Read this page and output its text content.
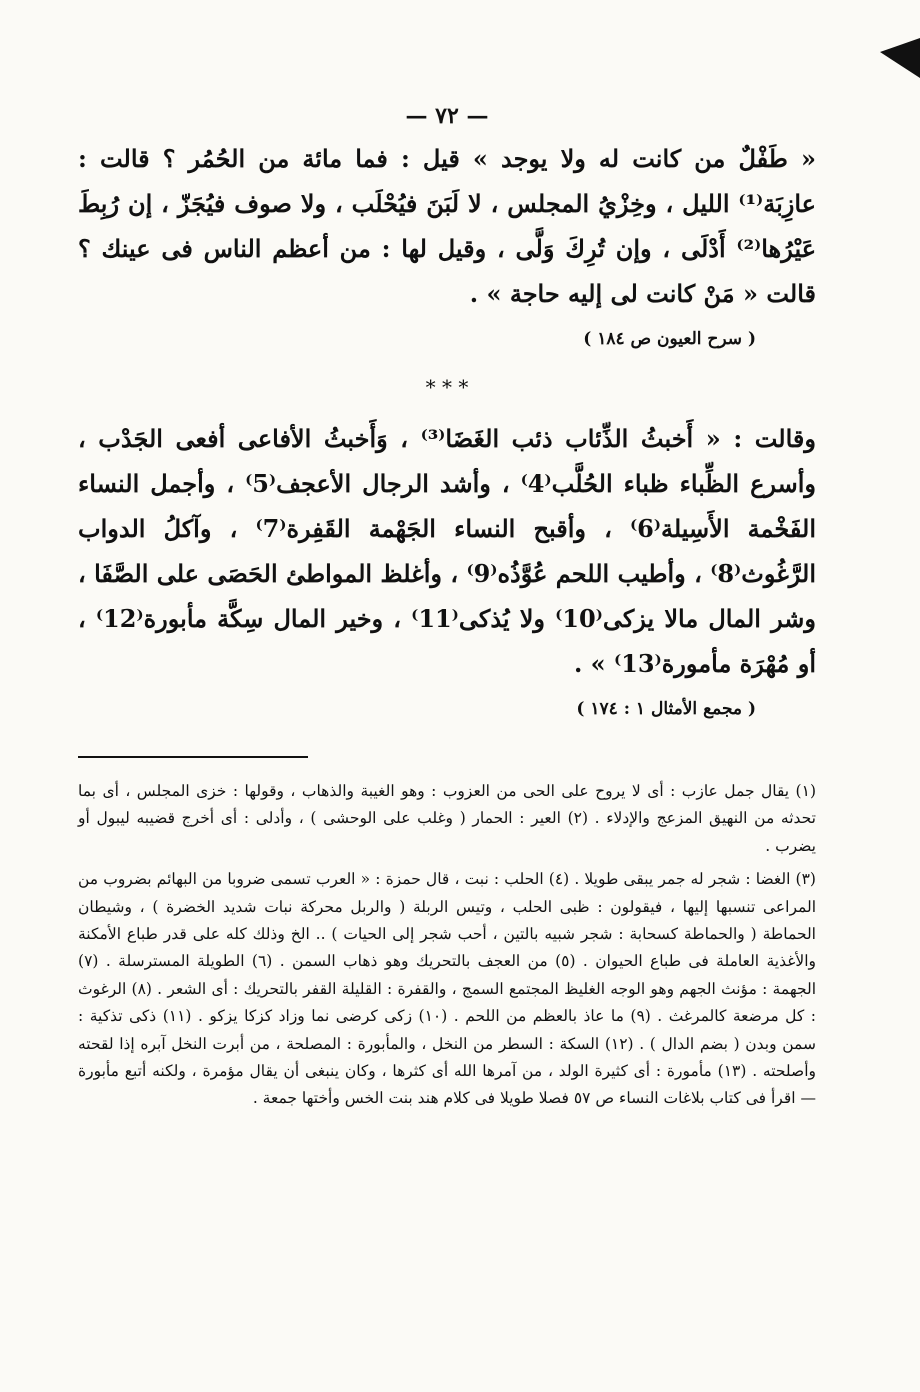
— ٧٢ —

« طَفْلٌ من كانت له ولا يوجد » قيل : فما مائة من الحُمُر ؟ قالت : عازِبَة⁽¹⁾ الليل ، وخِزْيُ المجلس ، لا لَبَنَ فيُحْلَب ، ولا صوف فيُجَزّ ، إن رُبِطَ عَيْرُها⁽²⁾ أَدْلَى ، وإن تُرِكَ وَلَّى ، وقيل لها : من أعظم الناس فى عينك ؟ قالت « مَنْ كانت لى إليه حاجة » .

( سرح العيون ص ١٨٤ )
* * *

وقالت : « أَخبثُ الذِّئاب ذئب الغَضَا⁽³⁾ ، وَأَخبثُ الأفاعى أفعى الجَدْب ، وأسرع الظِّباء ظباء الحُلَّب⁽4⁾ ، وأشد الرجال الأعجف⁽5⁾ ، وأجمل النساء الفَخْمة الأَسِيلة⁽6⁾ ، وأقبح النساء الجَهْمة القَفِرة⁽7⁾ ، وآكلُ الدواب الرَّغُوث⁽8⁾ ، وأطيب اللحم عُوَّذُه⁽9⁾ ، وأغلظ المواطئ الحَصَى على الصَّفَا ، وشر المال مالا يزكى⁽10⁾ ولا يُذكى⁽11⁾ ، وخير المال سِكَّة مأبورة⁽12⁾ ، أو مُهْرَة مأمورة⁽13⁾ » .

( مجمع الأمثال ١ : ١٧٤ )

(١) يقال جمل عازب : أى لا يروح على الحى من العزوب : وهو الغيبة والذهاب ، وقولها : خزى المجلس ، أى بما تحدثه من النهيق المزعج والإدلاء . (٢) العير : الحمار ( وغلب على الوحشى ) ، وأدلى : أى أخرج قضيبه ليبول أو يضرب .

(٣) الغضا : شجر له جمر يبقى طويلا . (٤) الحلب : نبت ، قال حمزة : « العرب تسمى ضروبا من البهائم بضروب من المراعى تنسبها إليها ، فيقولون : ظبى الحلب ، وتيس الربلة ( والربل محركة نبات شديد الخضرة ) ، وشيطان الحماطة ( والحماطة كسحابة : شجر شبيه بالتين ، أحب شجر إلى الحيات ) .. الخ وذلك كله على قدر طباع الأمكنة والأغذية العاملة فى طباع الحيوان . (٥) من العجف بالتحريك وهو ذهاب السمن . (٦) الطويلة المسترسلة . (٧) الجهمة : مؤنث الجهم وهو الوجه الغليظ المجتمع السمج ، والقفرة : القليلة القفر بالتحريك : أى الشعر . (٨) الرغوث : كل مرضعة كالمرغث . (٩) ما عاذ بالعظم من اللحم . (١٠) زكى كرضى نما وزاد كزكا يزكو . (١١) ذكى تذكية : سمن وبدن ( بضم الدال ) . (١٢) السكة : السطر من النخل ، والمأبورة : المصلحة ، من أبرت النخل آبره إذا لقحته وأصلحته . (١٣) مأمورة : أى كثيرة الولد ، من آمرها الله أى كثرها ، وكان ينبغى أن يقال مؤمرة ، ولكنه أتبع مأبورة — اقرأ فى كتاب بلاغات النساء ص ٥٧ فصلا طويلا فى كلام هند بنت الخس وأختها جمعة .
